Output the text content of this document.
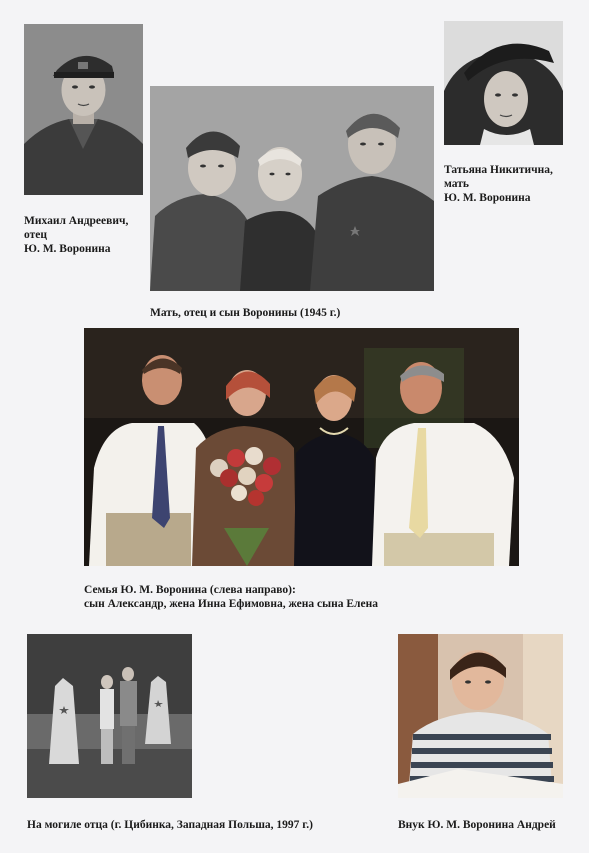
Михаил Андреевич,
отец
Ю. М. Воронина
Татьяна Никитична,
мать
Ю. М. Воронина
Мать, отец и сын Воронины (1945 г.)
Семья Ю. М. Воронина (слева направо):
сын Александр, жена Инна Ефимовна, жена сына Елена
На могиле отца (г. Цибинка, Западная Польша, 1997 г.)	Внук Ю. М. Воронина Андрей
